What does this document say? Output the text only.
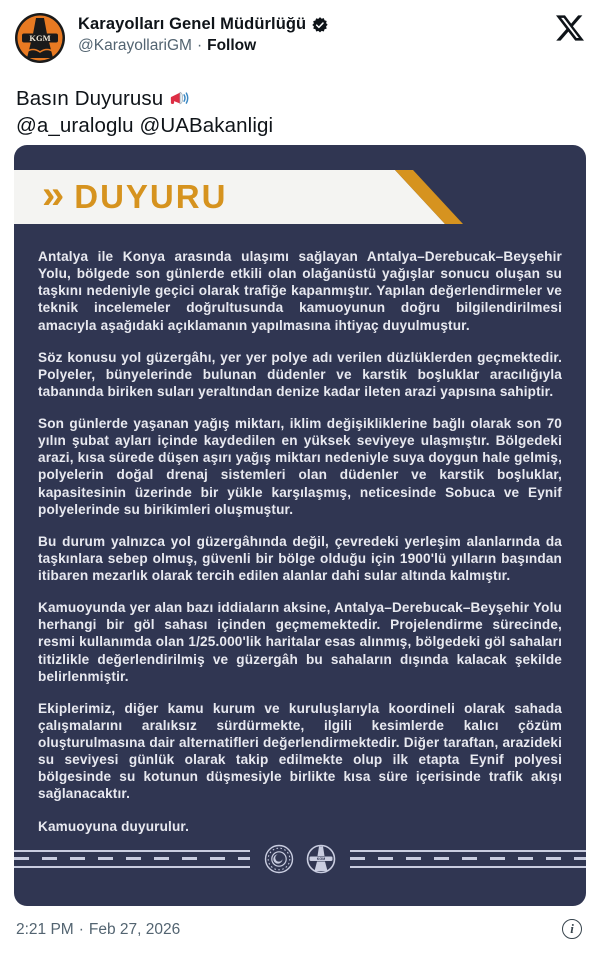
KGM
Karayolları Genel Müdürlüğü
@KarayollariGM · Follow
Basın Duyurusu
@a_uraloglu @UABakanligi
» DUYURU

Antalya ile Konya arasında ulaşımı sağlayan Antalya–Derebucak–Beyşehir Yolu, bölgede son günlerde etkili olan olağanüstü yağışlar sonucu oluşan su taşkını nedeniyle geçici olarak trafiğe kapanmıştır. Yapılan değerlendirmeler ve teknik incelemeler doğrultusunda kamuoyunun doğru bilgilendirilmesi amacıyla aşağıdaki açıklamanın yapılmasına ihtiyaç duyulmuştur.

Söz konusu yol güzergâhı, yer yer polye adı verilen düzlüklerden geçmektedir. Polyeler, bünyelerinde bulunan düdenler ve karstik boşluklar aracılığıyla tabanında biriken suları yeraltından denize kadar ileten arazi yapısına sahiptir.

Son günlerde yaşanan yağış miktarı, iklim değişikliklerine bağlı olarak son 70 yılın şubat ayları içinde kaydedilen en yüksek seviyeye ulaşmıştır. Bölgedeki arazi, kısa sürede düşen aşırı yağış miktarı nedeniyle suya doygun hale gelmiş, polyelerin doğal drenaj sistemleri olan düdenler ve karstik boşluklar, kapasitesinin üzerinde bir yükle karşılaşmış, neticesinde Sobuca ve Eynif polyelerinde su birikimleri oluşmuştur.

Bu durum yalnızca yol güzergâhında değil, çevredeki yerleşim alanlarında da taşkınlara sebep olmuş, güvenli bir bölge olduğu için 1900'lü yılların başından itibaren mezarlık olarak tercih edilen alanlar dahi sular altında kalmıştır.

Kamuoyunda yer alan bazı iddiaların aksine, Antalya–Derebucak–Beyşehir Yolu herhangi bir göl sahası içinden geçmemektedir. Projelendirme sürecinde, resmi kullanımda olan 1/25.000'lik haritalar esas alınmış, bölgedeki göl sahaları titizlikle değerlendirilmiş ve güzergâh bu sahaların dışında kalacak şekilde belirlenmiştir.

Ekiplerimiz, diğer kamu kurum ve kuruluşlarıyla koordineli olarak sahada çalışmalarını aralıksız sürdürmekte, ilgili kesimlerde kalıcı çözüm oluşturulmasına dair alternatifleri değerlendirmektedir. Diğer taraftan, arazideki su seviyesi günlük olarak takip edilmekte olup ilk etapta Eynif polyesi bölgesinde su kotunun düşmesiyle birlikte kısa süre içerisinde trafik akışı sağlanacaktır.

Kamuoyuna duyurulur.

KGM
2:21 PM · Feb 27, 2026	i
